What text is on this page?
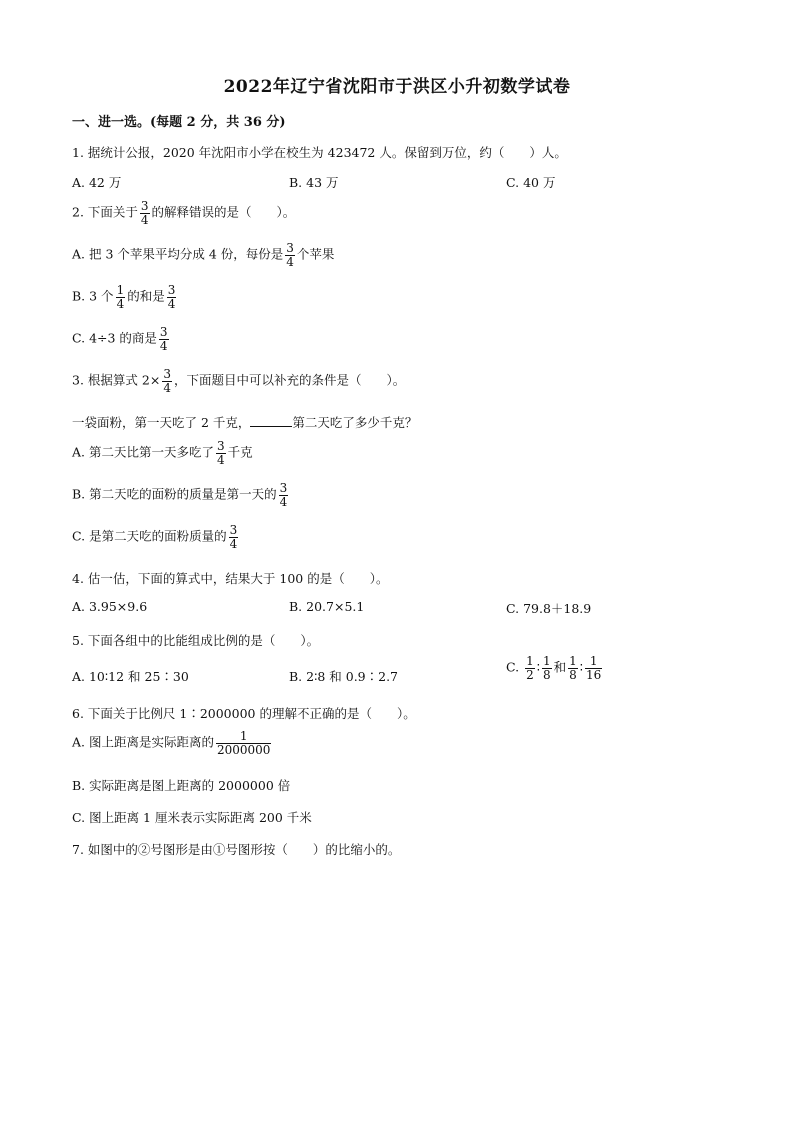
2022年辽宁省沈阳市于洪区小升初数学试卷
一、进一选。(每题 2 分，共 36 分)
1. 据统计公报，2020 年沈阳市小学在校生为 423472 人。保留到万位，约（　　）人。
A. 42 万	B. 43 万	C. 40 万
2. 下面关于 $\frac{3}{4}$ 的解释错误的是（　　）。
A. 把 3 个苹果平均分成 4 份，每份是 $\frac{3}{4}$ 个苹果
B. 3 个 $\frac{1}{4}$ 的和是 $\frac{3}{4}$
C. 4÷3 的商是 $\frac{3}{4}$
3. 根据算式 $2\times \frac{3}{4}$ ，下面题目中可以补充的条件是（　　）。
一袋面粉，第一天吃了 2 千克，	第二天吃了多少千克？
A. 第二天比第一天多吃了 $\frac{3}{4}$ 千克
B. 第二天吃的面粉的质量是第一天的 $\frac{3}{4}$
C. 是第二天吃的面粉质量的 $\frac{3}{4}$
4. 估一估，下面的算式中，结果大于 100 的是（　　）。
A. 3.95×9.6	B. 20.7×5.1	C. 79.8＋18.9
5. 下面各组中的比能组成比例的是（　　）。
A. 10∶12 和 25∶30	B. 2∶8 和 0.9∶2.7
C. $\frac{1}{2}$ ∶ $\frac{1}{8}$ 和 $\frac{1}{8}$ ∶ $\frac{1}{16}$
6. 下面关于比例尺 1∶2000000 的理解不正确的是（　　）。
A. 图上距离是实际距离的 $\frac{1}{2000000}$
B. 实际距离是图上距离的 2000000 倍
C. 图上距离 1 厘米表示实际距离 200 千米
7. 如图中的②号图形是由①号图形按（　　）的比缩小的。
